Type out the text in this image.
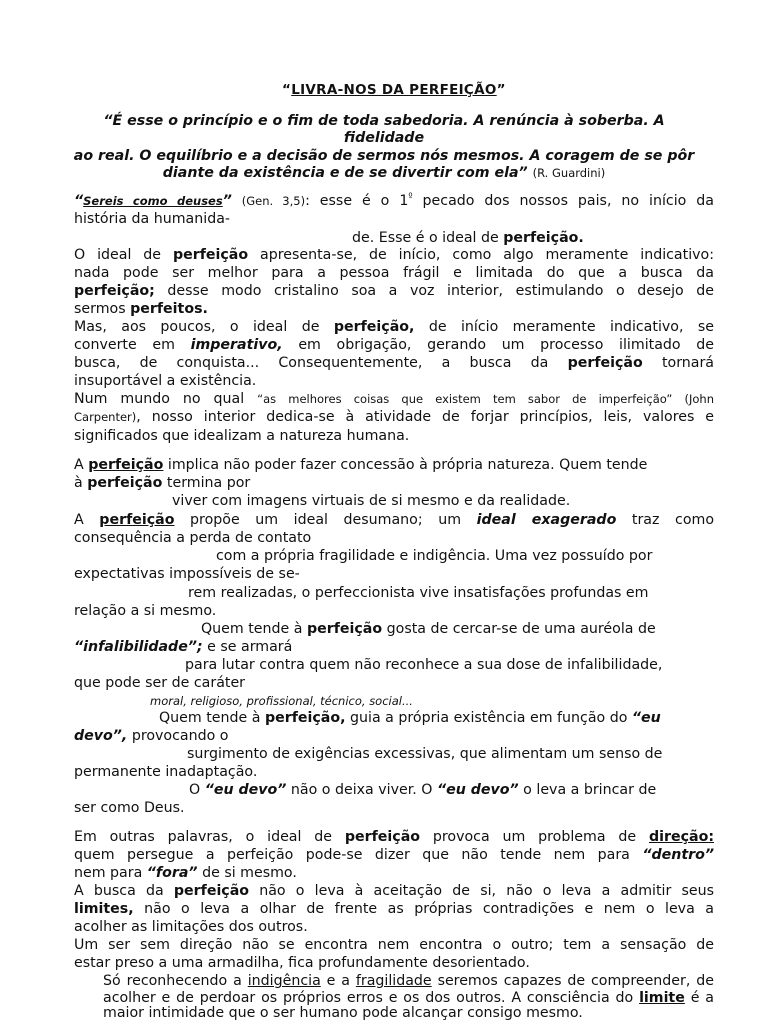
“LIVRA-NOS DA PERFEIÇÃO”
“É esse o princípio e o fim de toda sabedoria. A renúncia à soberba. A
fidelidade
ao real. O equilíbrio e a decisão de sermos nós mesmos. A coragem de se pôr
diante da existência e de se divertir com ela” (R. Guardini)
“Sereis como deuses” (Gen. 3,5): esse é o $1^º$ pecado dos nossos pais, no início da
história da humanida-
de. Esse é o ideal de perfeição.
O ideal de perfeição apresenta-se, de início, como algo meramente indicativo:
nada pode ser melhor para a pessoa frágil e limitada do que a busca da
perfeição; desse modo cristalino soa a voz interior, estimulando o desejo de
sermos perfeitos.
Mas, aos poucos, o ideal de perfeição, de início meramente indicativo, se
converte em imperativo, em obrigação, gerando um processo ilimitado de
busca, de conquista... Consequentemente, a busca da perfeição tornará
insuportável a existência.
Num mundo no qual “as melhores coisas que existem tem sabor de imperfeição” (John
Carpenter), nosso interior dedica-se à atividade de forjar princípios, leis, valores e
significados que idealizam a natureza humana.
A perfeição implica não poder fazer concessão à própria natureza. Quem tende
à perfeição termina por
viver com imagens virtuais de si mesmo e da realidade.
A perfeição propõe um ideal desumano; um ideal exagerado traz como
consequência a perda de contato
com a própria fragilidade e indigência. Uma vez possuído por
expectativas impossíveis de se-
rem realizadas, o perfeccionista vive insatisfações profundas em
relação a si mesmo.
Quem tende à perfeição gosta de cercar-se de uma auréola de
“infalibilidade”; e se armará
para lutar contra quem não reconhece a sua dose de infalibilidade,
que pode ser de caráter
moral, religioso, profissional, técnico, social...
Quem tende à perfeição, guia a própria existência em função do “eu
devo”, provocando o
surgimento de exigências excessivas, que alimentam um senso de
permanente inadaptação.
O “eu devo” não o deixa viver. O “eu devo” o leva a brincar de
ser como Deus.
Em outras palavras, o ideal de perfeição provoca um problema de direção:
quem persegue a perfeição pode-se dizer que não tende nem para “dentro”
nem para “fora” de si mesmo.
A busca da perfeição não o leva à aceitação de si, não o leva a admitir seus
limites, não o leva a olhar de frente as próprias contradições e nem o leva a
acolher as limitações dos outros.
Um ser sem direção não se encontra nem encontra o outro; tem a sensação de
estar preso a uma armadilha, fica profundamente desorientado.
Só reconhecendo a indigência e a fragilidade seremos capazes de compreender, de
acolher e de perdoar os próprios erros e os dos outros. A consciência do limite é a
maior intimidade que o ser humano pode alcançar consigo mesmo.
